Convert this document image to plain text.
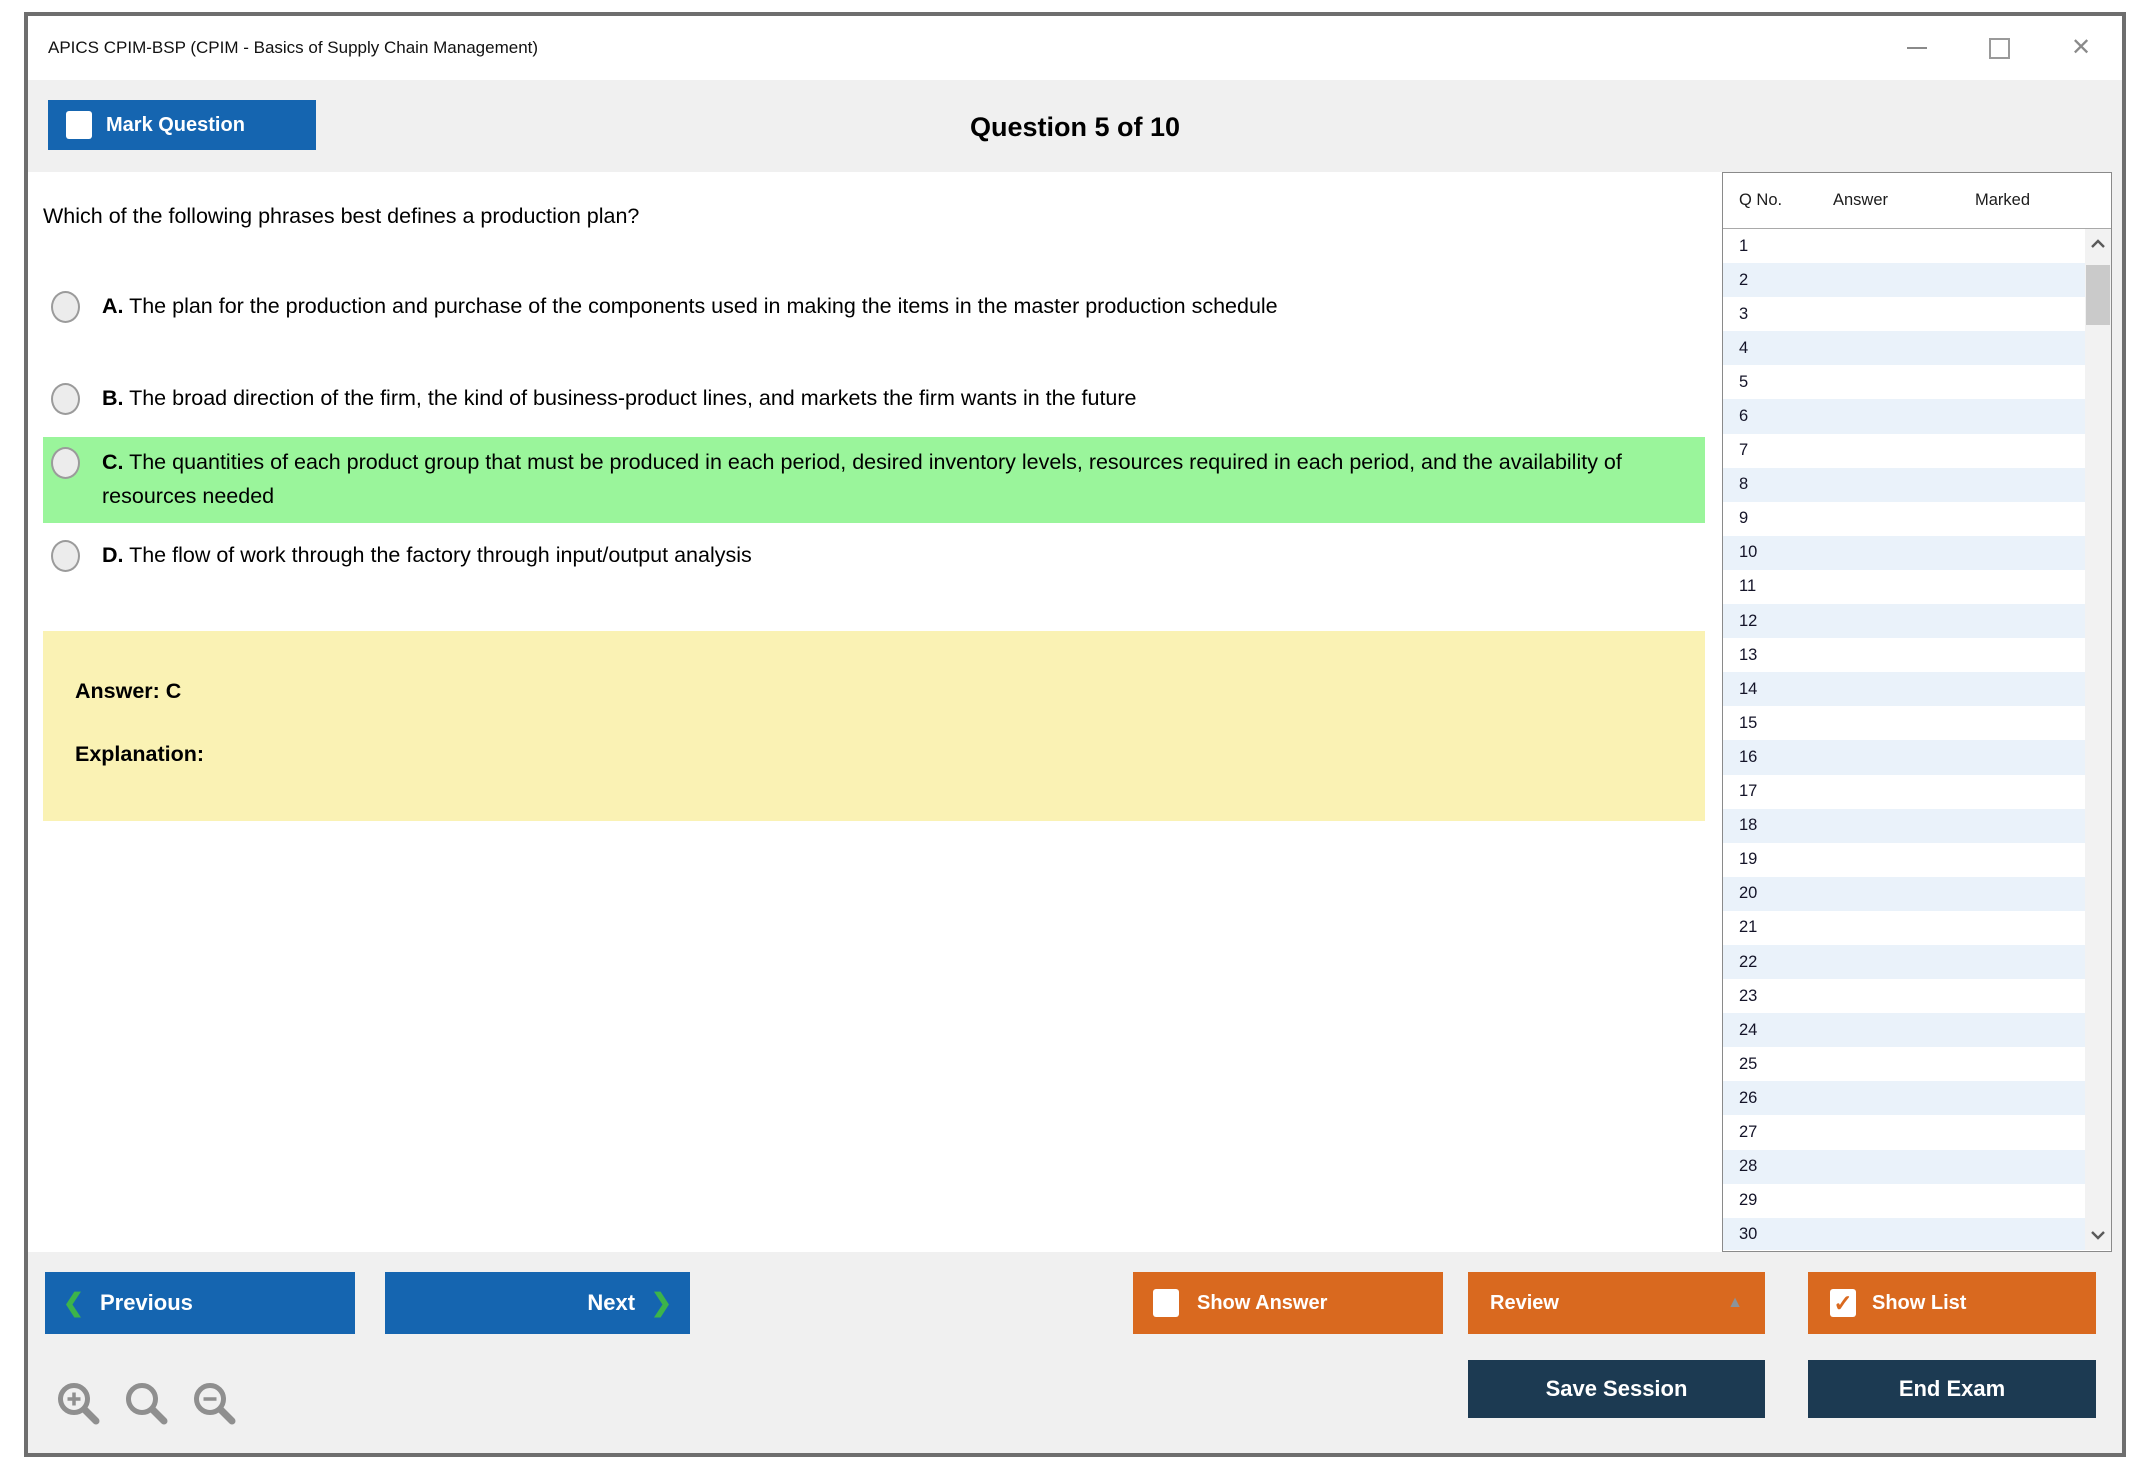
APICS CPIM-BSP (CPIM - Basics of Supply Chain Management)	✕
Mark Question	Question 5 of 10
Which of the following phrases best defines a production plan?
A. The plan for the production and purchase of the components used in making the items in the master production schedule
B. The broad direction of the firm, the kind of business-product lines, and markets the firm wants in the future
C. The quantities of each product group that must be produced in each period, desired inventory levels, resources required in each period, and the availability of resources needed
D. The flow of work through the factory through input/output analysis
Answer: C
Explanation:
Q No.	Answer	Marked
1
2
3
4
5
6
7
8
9
10
11
12
13
14
15
16
17
18
19
20
21
22
23
24
25
26
27
28
29
30
❮ Previous	Next ❯	Show Answer	Review	▲	✓ Show List
Save Session	End Exam
